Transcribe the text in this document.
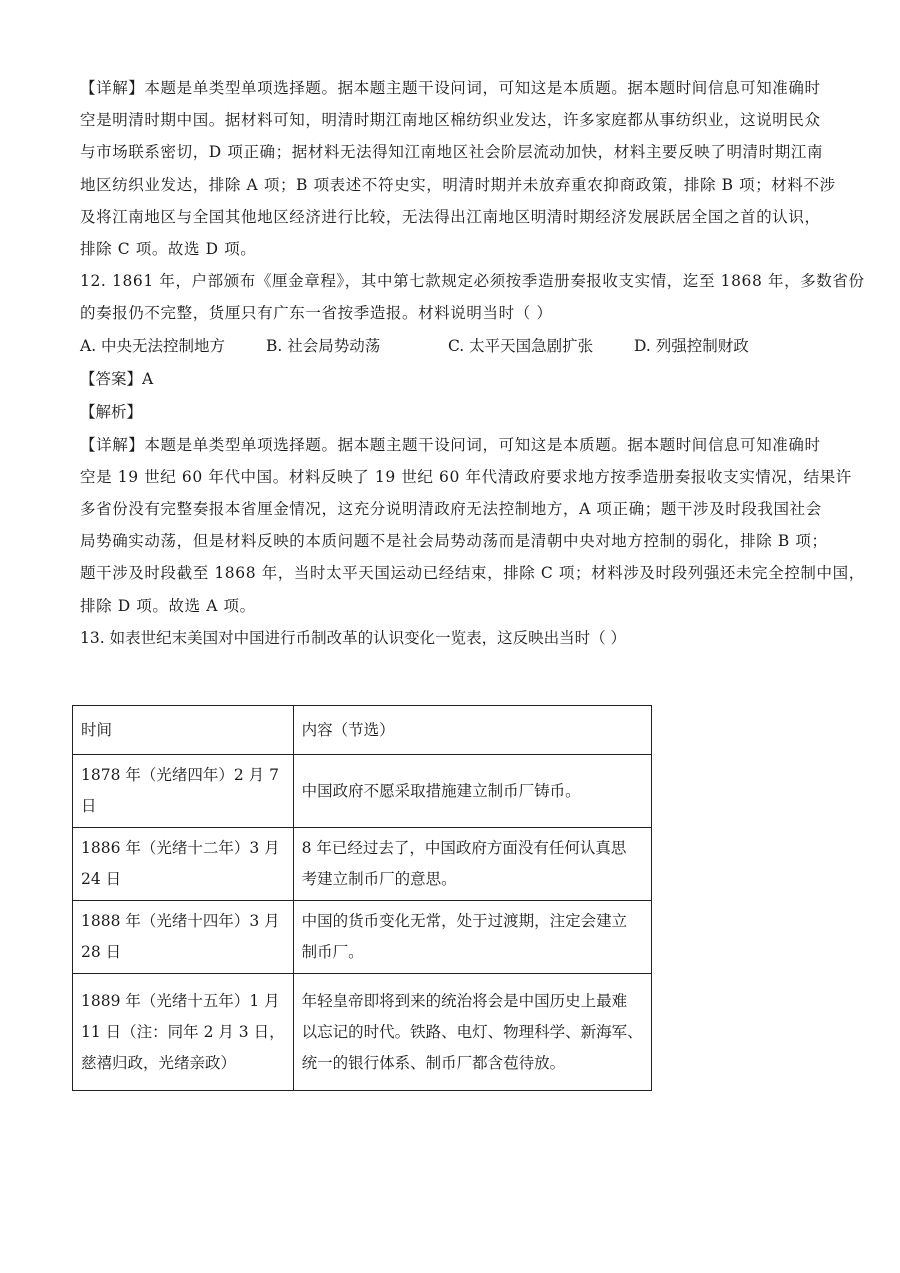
【详解】本题是单类型单项选择题。据本题主题干设问词，可知这是本质题。据本题时间信息可知准确时
空是明清时期中国。据材料可知，明清时期江南地区棉纺织业发达，许多家庭都从事纺织业，这说明民众
与市场联系密切，D 项正确；据材料无法得知江南地区社会阶层流动加快，材料主要反映了明清时期江南
地区纺织业发达，排除 A 项；B 项表述不符史实，明清时期并未放弃重农抑商政策，排除 B 项；材料不涉
及将江南地区与全国其他地区经济进行比较，无法得出江南地区明清时期经济发展跃居全国之首的认识，
排除 C 项。故选 D 项。

12. 1861 年，户部颁布《厘金章程》，其中第七款规定必须按季造册奏报收支实情，迄至 1868 年，多数省份
的奏报仍不完整，货厘只有广东一省按季造报。材料说明当时（ ）

A. 中央无法控制地方	B. 社会局势动荡	C. 太平天国急剧扩张	D. 列强控制财政

【答案】A

【解析】

【详解】本题是单类型单项选择题。据本题主题干设问词，可知这是本质题。据本题时间信息可知准确时
空是 19 世纪 60 年代中国。材料反映了 19 世纪 60 年代清政府要求地方按季造册奏报收支实情况，结果许
多省份没有完整奏报本省厘金情况，这充分说明清政府无法控制地方，A 项正确；题干涉及时段我国社会
局势确实动荡，但是材料反映的本质问题不是社会局势动荡而是清朝中央对地方控制的弱化，排除 B 项；
题干涉及时段截至 1868 年，当时太平天国运动已经结束，排除 C 项；材料涉及时段列强还未完全控制中国，
排除 D 项。故选 A 项。

13. 如表世纪末美国对中国进行币制改革的认识变化一览表，这反映出当时（ ）

时间	内容（节选）

1878 年（光绪四年）2 月 7
日	中国政府不愿采取措施建立制币厂铸币。

1886 年（光绪十二年）3 月
24 日	8 年已经过去了，中国政府方面没有任何认真思
考建立制币厂的意思。

1888 年（光绪十四年）3 月
28 日	中国的货币变化无常，处于过渡期，注定会建立
制币厂。

1889 年（光绪十五年）1 月
11 日（注：同年 2 月 3 日，
慈禧归政，光绪亲政）	年轻皇帝即将到来的统治将会是中国历史上最难
以忘记的时代。铁路、电灯、物理科学、新海军、
统一的银行体系、制币厂都含苞待放。
